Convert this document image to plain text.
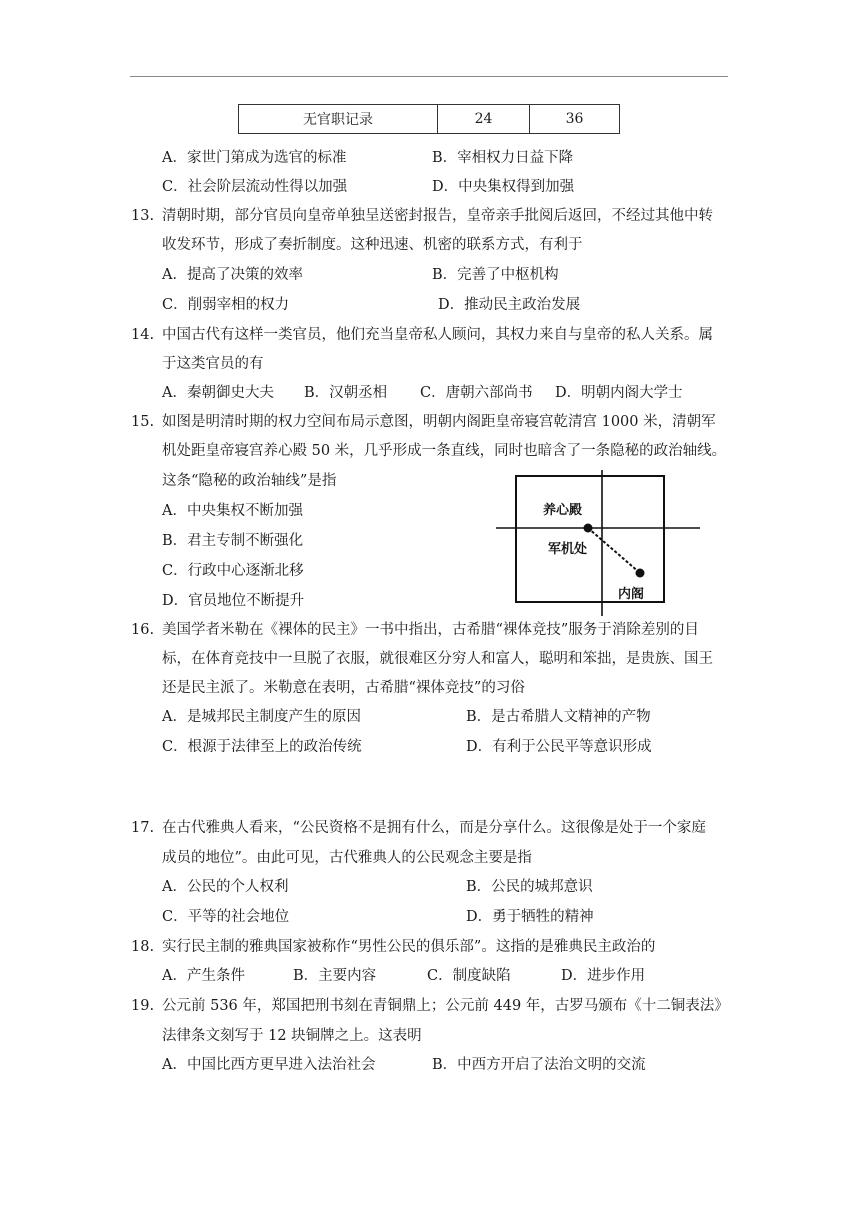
无官职记录	24	36
A．家世门第成为选官的标准	B．宰相权力日益下降
C．社会阶层流动性得以加强	D．中央集权得到加强
13. 清朝时期，部分官员向皇帝单独呈送密封报告，皇帝亲手批阅后返回，不经过其他中转
收发环节，形成了奏折制度。这种迅速、机密的联系方式，有利于
A．提高了决策的效率	B．完善了中枢机构
C．削弱宰相的权力	D．推动民主政治发展
14. 中国古代有这样一类官员，他们充当皇帝私人顾问，其权力来自与皇帝的私人关系。属
于这类官员的有
A．秦朝御史大夫 B．汉朝丞相 C．唐朝六部尚书 D．明朝内阁大学士
15. 如图是明清时期的权力空间布局示意图，明朝内阁距皇帝寝宫乾清宫 1000 米，清朝军
机处距皇帝寝宫养心殿 50 米，几乎形成一条直线，同时也暗含了一条隐秘的政治轴线。
这条“隐秘的政治轴线”是指
A．中央集权不断加强
B．君主专制不断强化
C．行政中心逐渐北移
D．官员地位不断提升
养心殿
军机处
内阁
16. 美国学者米勒在《裸体的民主》一书中指出，古希腊“裸体竞技”服务于消除差别的目
标，在体育竞技中一旦脱了衣服，就很难区分穷人和富人，聪明和笨拙，是贵族、国王
还是民主派了。米勒意在表明，古希腊“裸体竞技”的习俗
A．是城邦民主制度产生的原因	B．是古希腊人文精神的产物
C．根源于法律至上的政治传统	D．有利于公民平等意识形成
17. 在古代雅典人看来，“公民资格不是拥有什么，而是分享什么。这很像是处于一个家庭
成员的地位”。由此可见，古代雅典人的公民观念主要是指
A．公民的个人权利	B．公民的城邦意识
C．平等的社会地位	D．勇于牺牲的精神
18. 实行民主制的雅典国家被称作“男性公民的俱乐部”。这指的是雅典民主政治的
A．产生条件	B．主要内容	C．制度缺陷	D．进步作用
19. 公元前 536 年，郑国把刑书刻在青铜鼎上；公元前 449 年，古罗马颁布《十二铜表法》
法律条文刻写于 12 块铜牌之上。这表明
A．中国比西方更早进入法治社会	B．中西方开启了法治文明的交流
